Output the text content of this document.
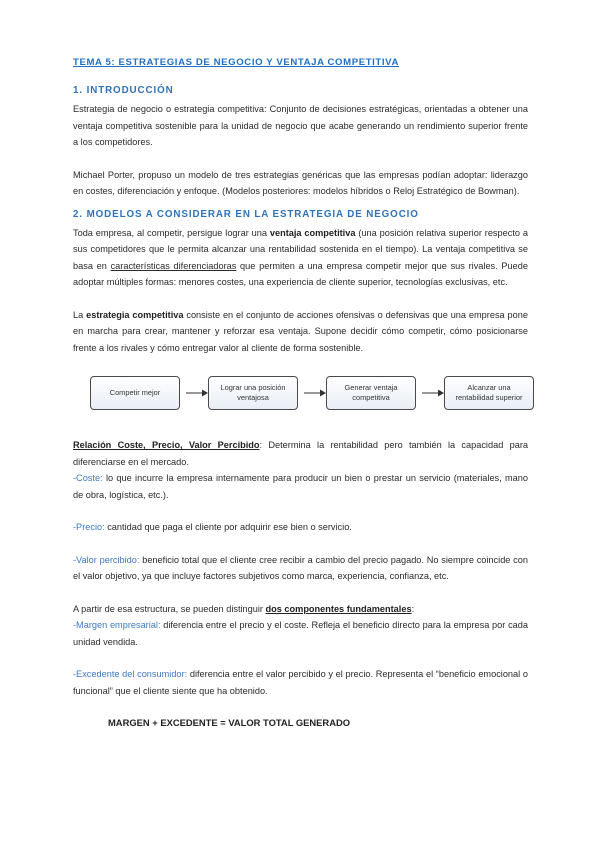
TEMA 5: ESTRATEGIAS DE NEGOCIO Y VENTAJA COMPETITIVA

1. INTRODUCCIÓN

Estrategia de negocio o estrategia competitiva: Conjunto de decisiones estratégicas, orientadas a obtener una ventaja competitiva sostenible para la unidad de negocio que acabe generando un rendimiento superior frente a los competidores.

Michael Porter, propuso un modelo de tres estrategias genéricas que las empresas podían adoptar: liderazgo en costes, diferenciación y enfoque. (Modelos posteriores: modelos híbridos o Reloj Estratégico de Bowman).

2. MODELOS A CONSIDERAR EN LA ESTRATEGIA DE NEGOCIO

Toda empresa, al competir, persigue lograr una ventaja competitiva (una posición relativa superior respecto a sus competidores que le permita alcanzar una rentabilidad sostenida en el tiempo). La ventaja competitiva se basa en características diferenciadoras que permiten a una empresa competir mejor que sus rivales. Puede adoptar múltiples formas: menores costes, una experiencia de cliente superior, tecnologías exclusivas, etc.

La estrategia competitiva consiste en el conjunto de acciones ofensivas o defensivas que una empresa pone en marcha para crear, mantener y reforzar esa ventaja. Supone decidir cómo competir, cómo posicionarse frente a los rivales y cómo entregar valor al cliente de forma sostenible.

Competir mejor
Lograr una posición ventajosa
Generar ventaja competitiva
Alcanzar una rentabilidad superior

Relación Coste, Precio, Valor Percibido: Determina la rentabilidad pero también la capacidad para diferenciarse en el mercado.

-Coste: lo que incurre la empresa internamente para producir un bien o prestar un servicio (materiales, mano de obra, logística, etc.).

-Precio: cantidad que paga el cliente por adquirir ese bien o servicio.

-Valor percibido: beneficio total que el cliente cree recibir a cambio del precio pagado. No siempre coincide con el valor objetivo, ya que incluye factores subjetivos como marca, experiencia, confianza, etc.

A partir de esa estructura, se pueden distinguir dos componentes fundamentales:

-Margen empresarial: diferencia entre el precio y el coste. Refleja el beneficio directo para la empresa por cada unidad vendida.

-Excedente del consumidor: diferencia entre el valor percibido y el precio. Representa el “beneficio emocional o funcional” que el cliente siente que ha obtenido.

MARGEN + EXCEDENTE = VALOR TOTAL GENERADO
